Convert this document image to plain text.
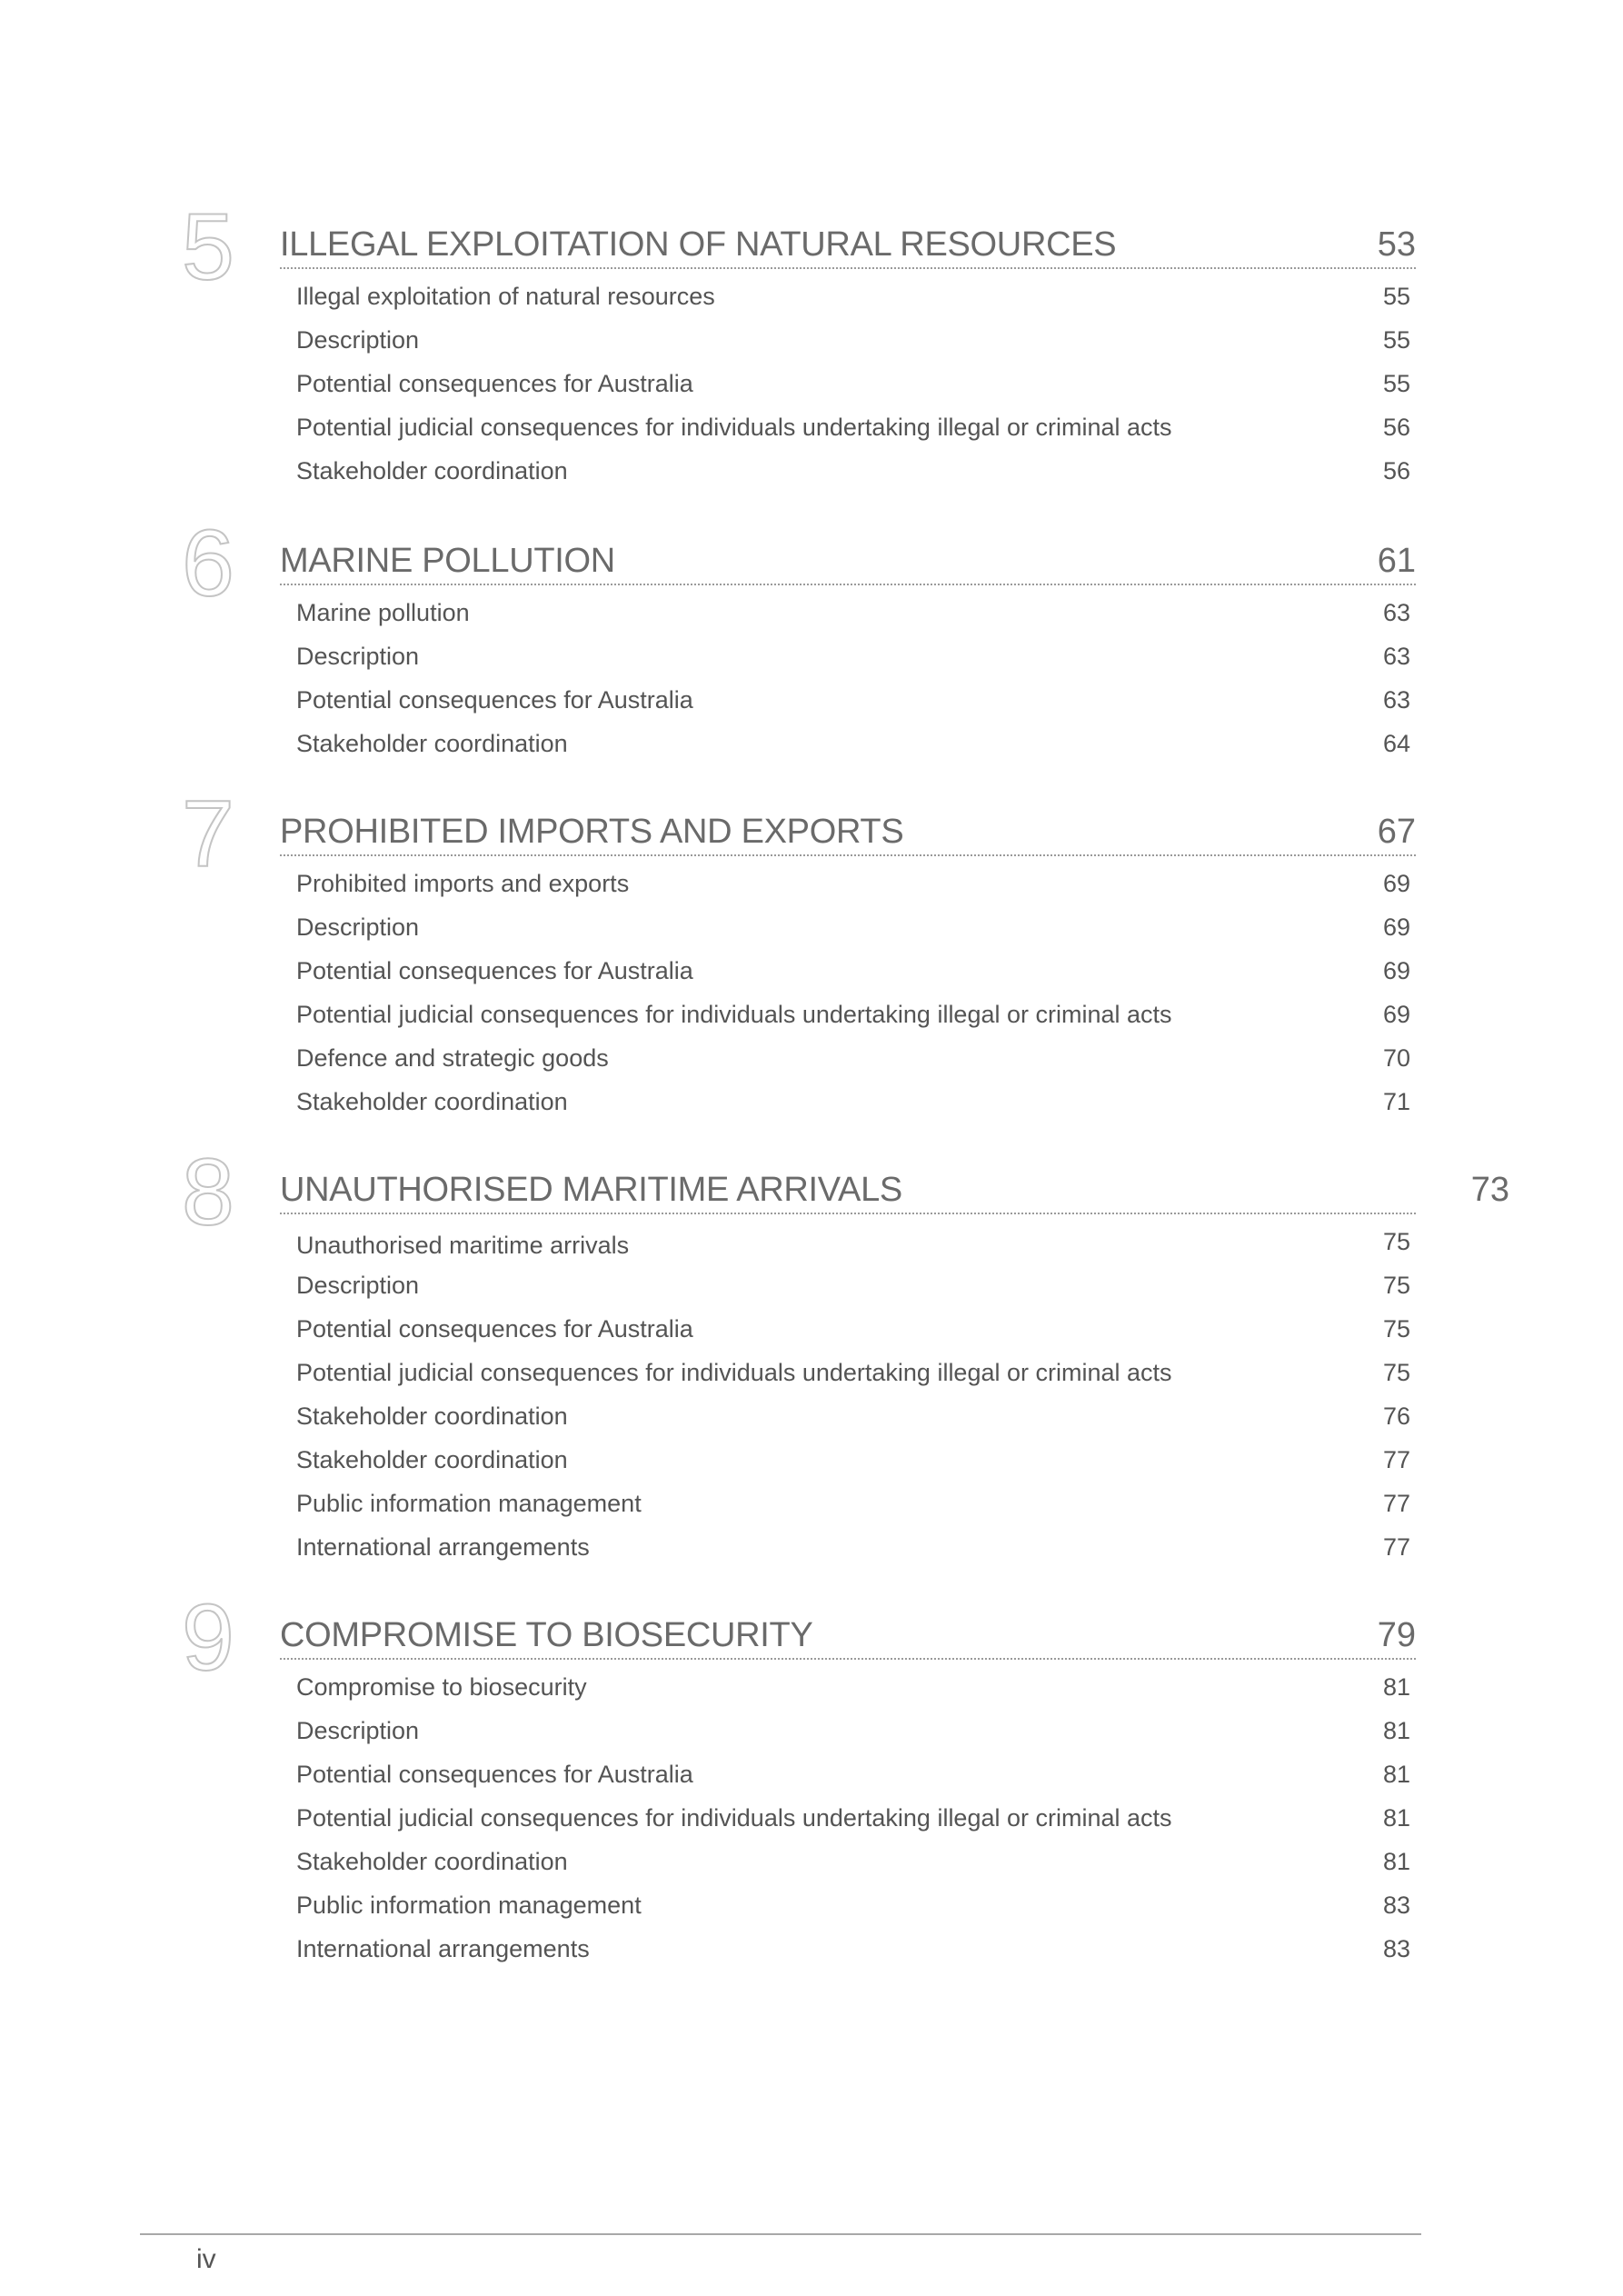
5	ILLEGAL EXPLOITATION OF NATURAL RESOURCES	53
Illegal exploitation of natural resources	55
Description	55
Potential consequences for Australia	55
Potential judicial consequences for individuals undertaking illegal or criminal acts	56
Stakeholder coordination	56
6	MARINE POLLUTION	61
Marine pollution	63
Description	63
Potential consequences for Australia	63
Stakeholder coordination	64
7	PROHIBITED IMPORTS AND EXPORTS	67
Prohibited imports and exports	69
Description	69
Potential consequences for Australia	69
Potential judicial consequences for individuals undertaking illegal or criminal acts	69
Defence and strategic goods	70
Stakeholder coordination	71
8	UNAUTHORISED MARITIME ARRIVALS	73
Unauthorised maritime arrivals	75
Description	75
Potential consequences for Australia	75
Potential judicial consequences for individuals undertaking illegal or criminal acts	75
Stakeholder coordination	76
Stakeholder coordination	77
Public information management	77
International arrangements	77
9	COMPROMISE TO BIOSECURITY	79
Compromise to biosecurity	81
Description	81
Potential consequences for Australia	81
Potential judicial consequences for individuals undertaking illegal or criminal acts	81
Stakeholder coordination	81
Public information management	83
International arrangements	83
iv
